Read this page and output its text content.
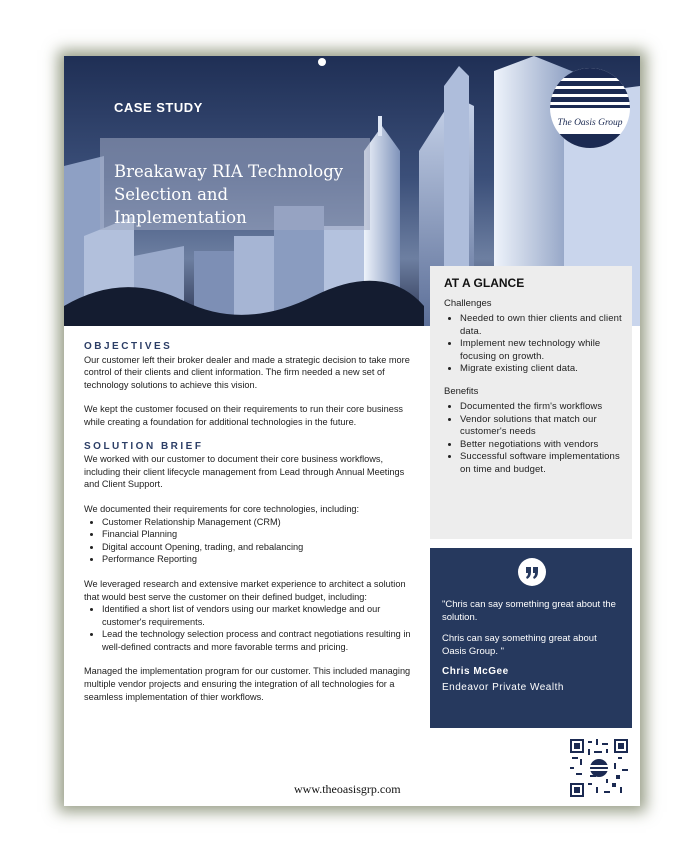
CASE STUDY
Breakaway RIA Technology
Selection and Implementation
The Oasis Group
AT A GLANCE
Challenges
• Needed to own thier clients and client data.
• Implement new technology while focusing on growth.
• Migrate existing client data.
Benefits
• Documented the firm's workflows
• Vendor solutions that match our customer's needs
• Better negotiations with vendors
• Successful software implementations on time and budget.

"Chris can say something great about the solution.

Chris can say something great about Oasis Group. "

Chris McGee
Endeavor Private Wealth
OBJECTIVES

Our customer left their broker dealer and made a strategic decision to take more control of their clients and client information. The firm needed a new set of technology solutions to achieve this vision.

We kept the customer focused on their requirements to run their core business while creating a foundation for additional technologies in the future.

SOLUTION BRIEF

We worked with our customer to document their core business workflows, including their client lifecycle management from Lead through Annual Meetings and Client Support.

We documented their requirements for core technologies, including:

• Customer Relationship Management (CRM)
• Financial Planning
• Digital account Opening, trading, and rebalancing
• Performance Reporting

We leveraged research and extensive market experience to architect a solution that would best serve the customer on their defined budget, including:

• Identified a short list of vendors using our market knowledge and our customer's requirements.
• Lead the technology selection process and contract negotiations resulting in well-defined contracts and more favorable terms and pricing.

Managed the implementation program for our customer. This included managing multiple vendor projects and ensuring the integration of all technologies for a seamless implementation of thier workflows.

www.theoasisgrp.com
